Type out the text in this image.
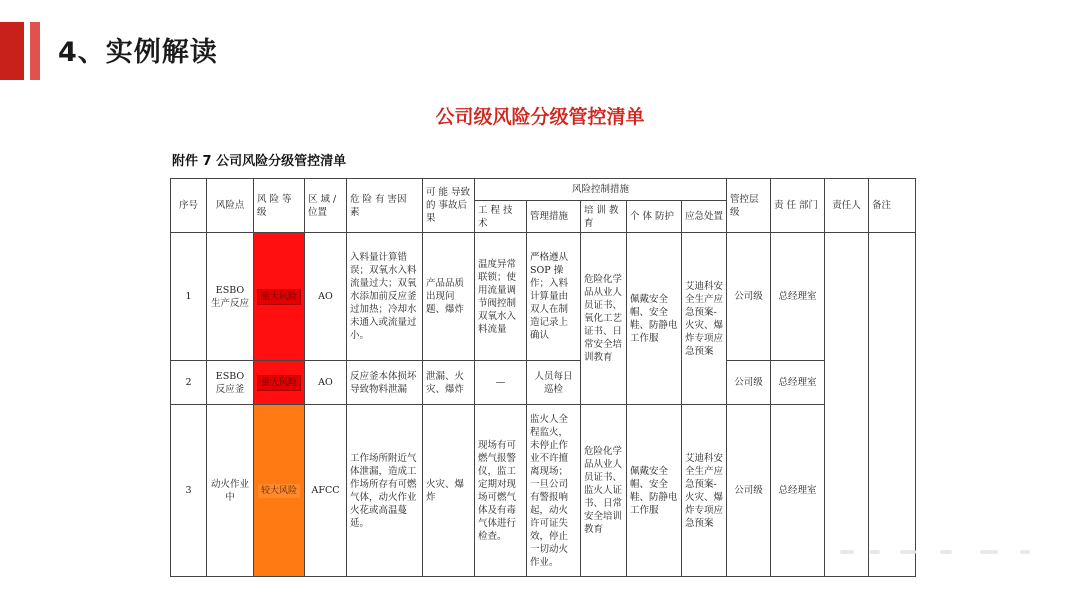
4、实例解读
公司级风险分级管控清单
附件 7 公司风险分级管控清单
序号	风险点	风 险 等级	区 域 / 位置	危 险 有 害因 素	可 能 导致 的 事故后果	风险控制措施					管控层级	责 任 部门	责任人	备注
						工 程 技 术	管理措施	培 训 教育	个 体 防护	应急处置				
1	ESBO 生产反应	重大风险	AO	入料量计算错误；双氧水入料流量过大；双氧水添加前反应釜过加热；冷却水未通入或流量过小。	产品品质出现问题、爆炸	温度异常联锁；使用流量调节阀控制双氧水入料流量	严格遵从 SOP 操作；入料计算量由双人在制造记录上确认	危险化学品从业人员证书、氧化工艺证书、日常安全培训教育	佩戴安全帽、安全鞋、防静电工作服	艾迪科安全生产应急预案-火灾、爆炸专项应急预案	公司级	总经理室		
2	ESBO 反应釜	重大风险	AO	反应釜本体损坏导致物料泄漏	泄漏、火灾、爆炸	—	人员每日巡检				公司级	总经理室		
3	动火作业中	较大风险	AFCC	工作场所附近气体泄漏，造成工作场所存有可燃气体，动火作业火花或高温蔓延。	火灾、爆炸	现场有可燃气报警仪，监工定期对现场可燃气体及有毒气体进行检查。	监火人全程监火，未停止作业不许擅离现场；一旦公司有警报响起，动火许可证失效，停止一切动火作业。	危险化学品从业人员证书、监火人证书、日常安全培训教育	佩戴安全帽、安全鞋、防静电工作服	艾迪科安全生产应急预案-火灾、爆炸专项应急预案	公司级	总经理室		
